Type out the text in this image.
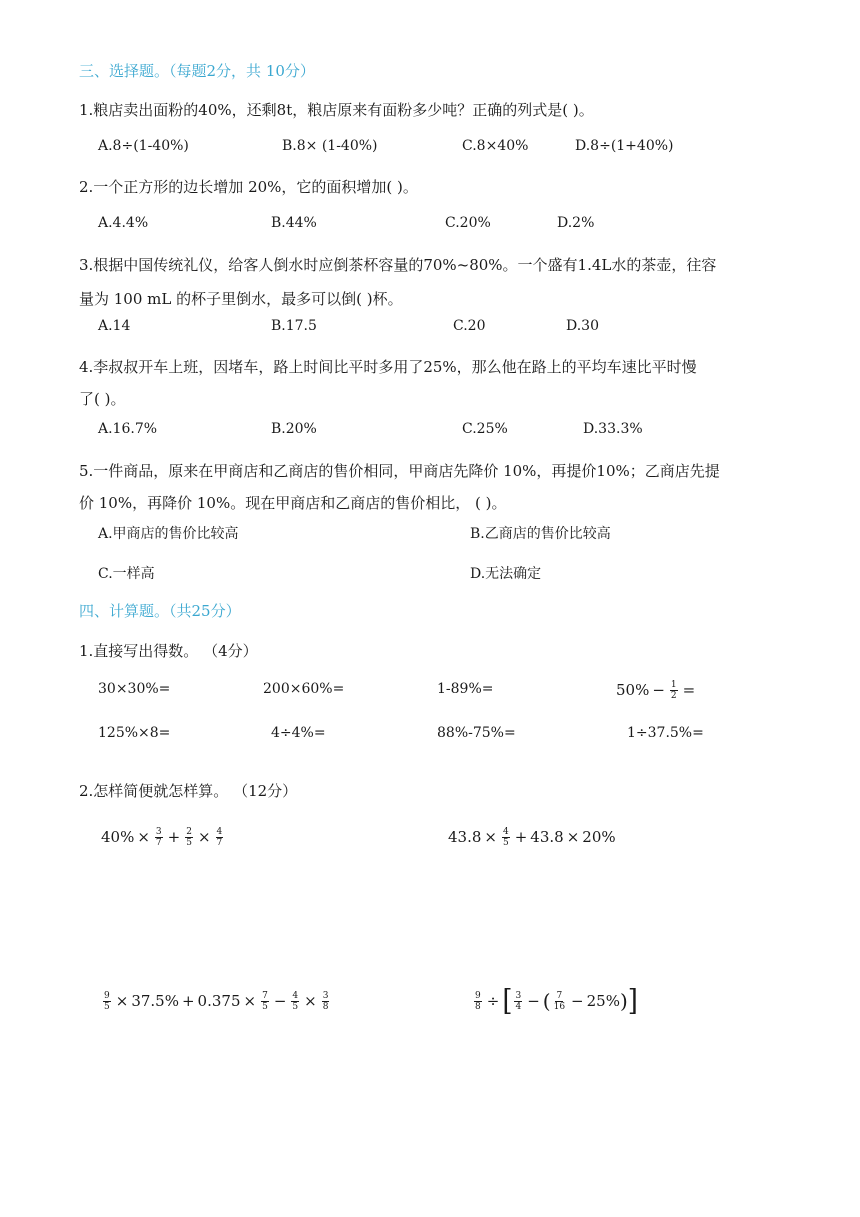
三、选择题。（每题2分，共 10分）
1.粮店卖出面粉的40%，还剩8t，粮店原来有面粉多少吨？正确的列式是( )。
A.8÷(1-40%)	B.8× (1-40%)	C.8×40%	D.8÷(1+40%)
2.一个正方形的边长增加 20%，它的面积增加( )。
A.4.4%	B.44%	C.20%	D.2%
3.根据中国传统礼仪，给客人倒水时应倒茶杯容量的70%~80%。一个盛有1.4L水的茶壶，往容
量为 100 mL 的杯子里倒水，最多可以倒( )杯。
A.14	B.17.5	C.20	D.30
4.李叔叔开车上班，因堵车，路上时间比平时多用了25%，那么他在路上的平均车速比平时慢
了( )。
A.16.7%	B.20%	C.25%	D.33.3%
5.一件商品，原来在甲商店和乙商店的售价相同，甲商店先降价 10%，再提价10%；乙商店先提
价 10%，再降价 10%。现在甲商店和乙商店的售价相比， ( )。
A.甲商店的售价比较高	B.乙商店的售价比较高
C.一样高	D.无法确定
四、计算题。（共25分）
1.直接写出得数。 （4分）
30×30%=	200×60%=	1-89%=	$50\% - \frac{1}{2}$ =
125%×8=	4÷4%=	88%-75%=	1÷37.5%=
2.怎样简便就怎样算。 （12分）
$40\% \times \frac{3}{7} + \frac{2}{5} \times \frac{4}{7}$	$43.8 \times \frac{4}{5} + 43.8 \times 20\%$
$\frac{9}{5} \times 37.5\% + 0.375 \times \frac{7}{5} - \frac{4}{5} \times \frac{3}{8}$	$\frac{9}{8}$ ÷ [ $\frac{3}{4}$ − ( $\frac{7}{16} - 25\%$ ) ]
